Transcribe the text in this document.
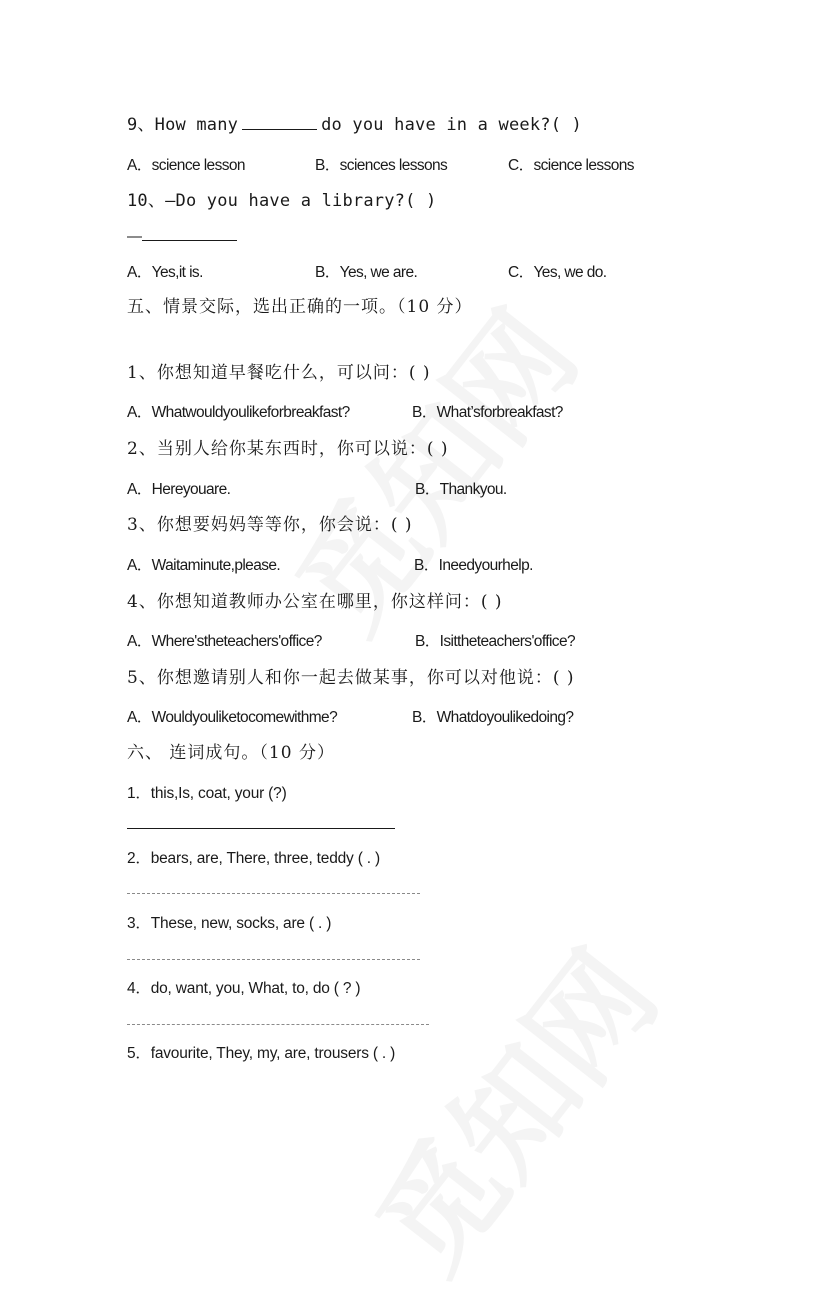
9、How many	do you have in a week?( )
A．science lesson	B．sciences lessons	C．science lessons
10、—Do you have a library?( )
—
A．Yes,it is.	B．Yes, we are.	C．Yes, we do.
五、情景交际，选出正确的一项。（10 分）
1、你想知道早餐吃什么，可以问：( )
A．Whatwouldyoulikeforbreakfast?	B．What’sforbreakfast?
2、当别人给你某东西时，你可以说：( )
A．Hereyouare.	B．Thankyou.
3、你想要妈妈等等你，你会说：( )
A．Waitaminute,please.	B．Ineedyourhelp.
4、你想知道教师办公室在哪里，你这样问：( )
A．Where'stheteachers'office?	B．Isittheteachers'office?
5、你想邀请别人和你一起去做某事，你可以对他说：( )
A．Wouldyouliketocomewithme?	B．Whatdoyoulikedoing?
六、 连词成句。（10 分）
1．this,Is, coat, your (?)
2．bears, are, There, three, teddy ( . )
3．These, new, socks, are ( . )
4．do, want, you, What, to, do ( ? )
5．favourite, They, my, are, trousers ( . )
